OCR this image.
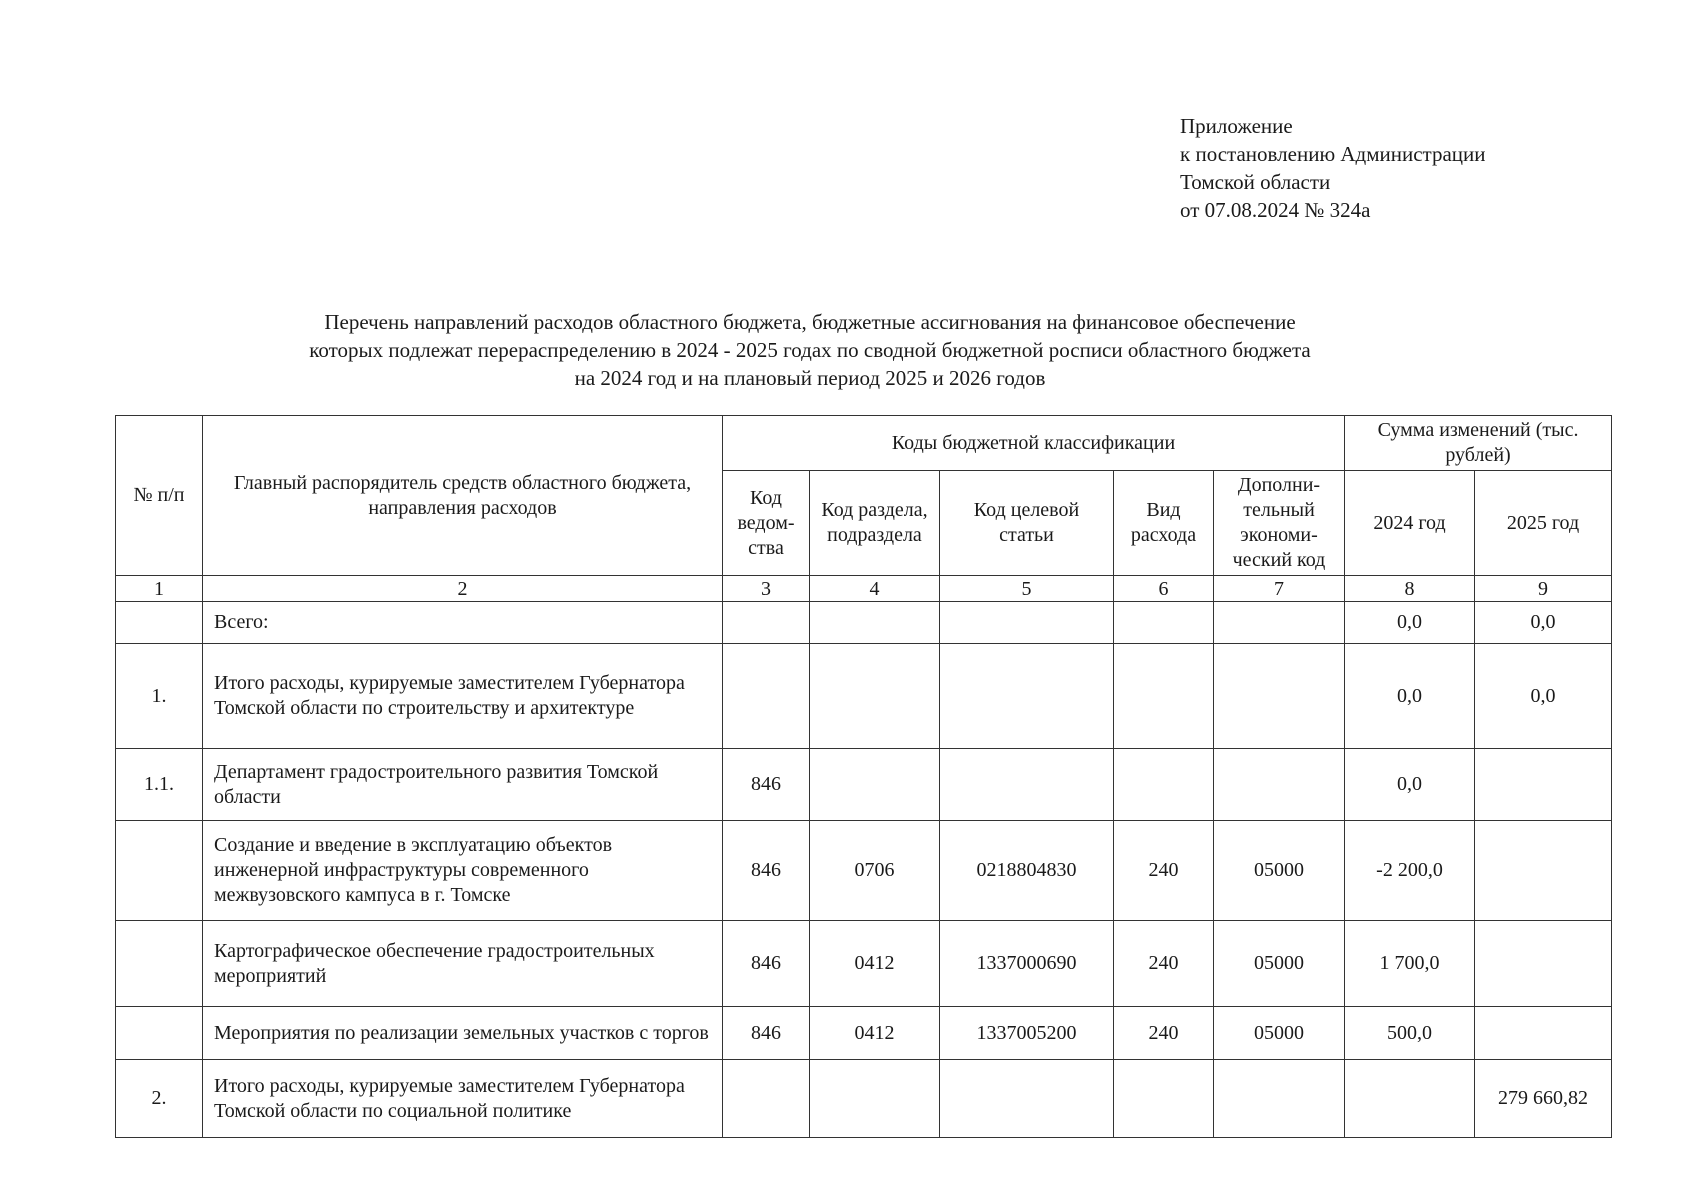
Приложение
к постановлению Администрации
Томской области
от 07.08.2024 № 324а
Перечень направлений расходов областного бюджета, бюджетные ассигнования на финансовое обеспечение
которых подлежат перераспределению в 2024 - 2025 годах по сводной бюджетной росписи областного бюджета
на 2024 год и на плановый период 2025 и 2026 годов
№ п/п	Главный распорядитель средств областного бюджета, направления расходов	Коды бюджетной классификации					Сумма изменений (тыс. рублей)	
		Код ведом-ства	Код раздела, подраздела	Код целевой статьи	Вид расхода	Дополни-тельный экономи-ческий код	2024 год	2025 год
1	2	3	4	5	6	7	8	9
	Всего:						0,0	0,0
1.	Итого расходы, курируемые заместителем Губернатора Томской области по строительству и архитектуре						0,0	0,0
1.1.	Департамент градостроительного развития Томской области	846					0,0	
	Создание и введение в эксплуатацию объектов инженерной инфраструктуры современного межвузовского кампуса в г. Томске	846	0706	0218804830	240	05000	-2 200,0	
	Картографическое обеспечение градостроительных мероприятий	846	0412	1337000690	240	05000	1 700,0	
	Мероприятия по реализации земельных участков с торгов	846	0412	1337005200	240	05000	500,0	
2.	Итого расходы, курируемые заместителем Губернатора Томской области по социальной политике							279 660,82
